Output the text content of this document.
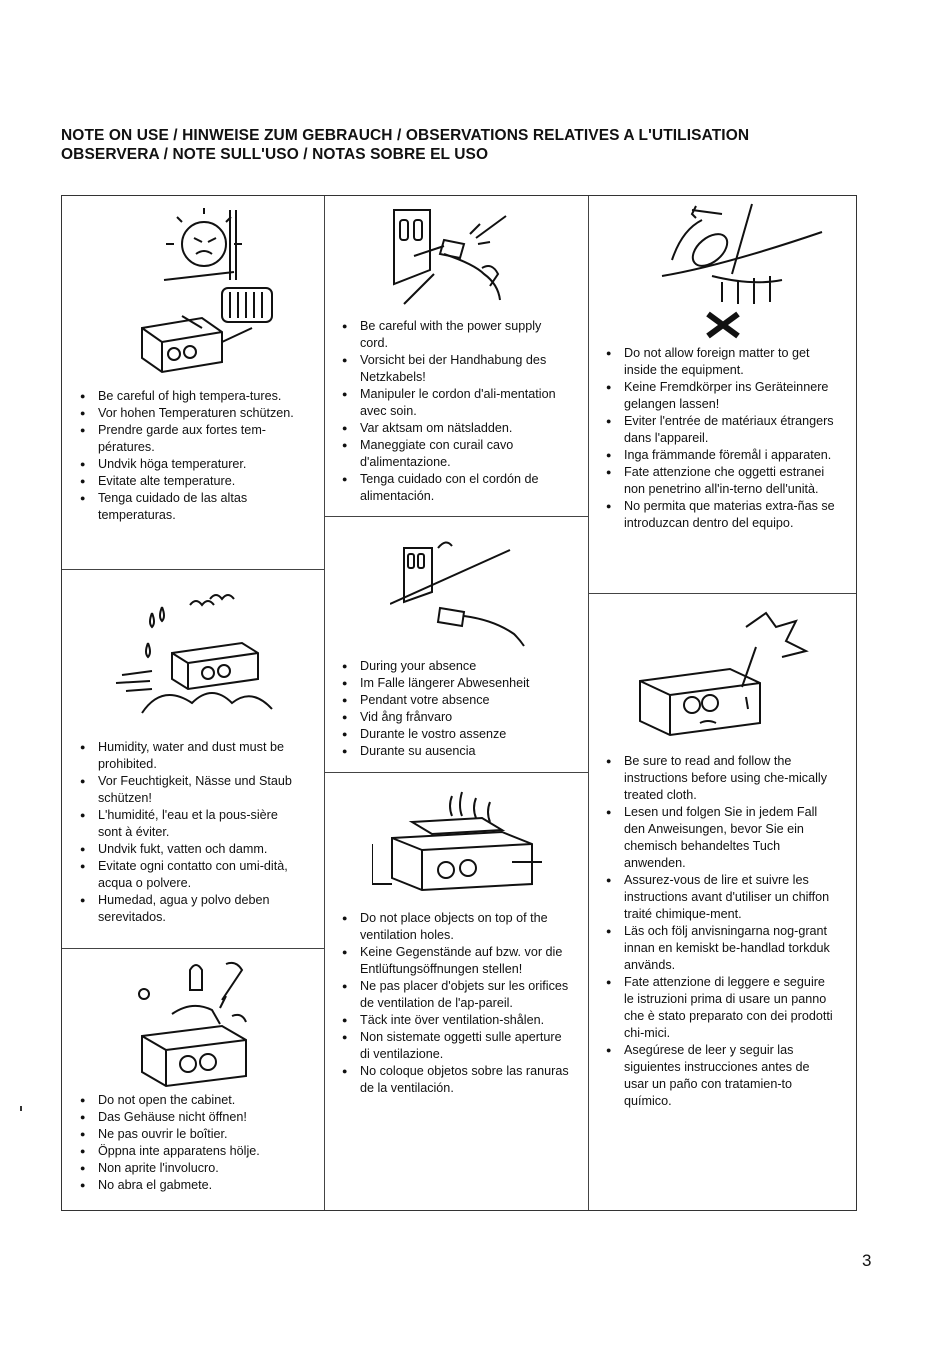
NOTE ON USE / HINWEISE ZUM GEBRAUCH / OBSERVATIONS RELATIVES A L'UTILISATION
OBSERVERA / NOTE SULL'USO / NOTAS SOBRE EL USO
● Be careful of high tempera-tures.
● Vor hohen Temperaturen schützen.
● Prendre garde aux fortes tem-pératures.
● Undvik höga temperaturer.
● Evitate alte temperature.
● Tenga cuidado de las altas temperaturas.
● Humidity, water and dust must be prohibited.
● Vor Feuchtigkeit, Nässe und Staub schützen!
● L'humidité, l'eau et la pous-sière sont à éviter.
● Undvik fukt, vatten och damm.
● Evitate ogni contatto con umi-dità, acqua o polvere.
● Humedad, agua y polvo deben serevitados.
● Do not open the cabinet.
● Das Gehäuse nicht öffnen!
● Ne pas ouvrir le boîtier.
● Öppna inte apparatens hölje.
● Non aprite l'involucro.
● No abra el gabmete.
● Be careful with the power supply cord.
● Vorsicht bei der Handhabung des Netzkabels!
● Manipuler le cordon d'ali-mentation avec soin.
● Var aktsam om nätsladden.
● Maneggiate con curail cavo d'alimentazione.
● Tenga cuidado con el cordón de alimentación.
● During your absence
● Im Falle längerer Abwesenheit
● Pendant votre absence
● Vid ång frånvaro
● Durante le vostro assenze
● Durante su ausencia
● Do not place objects on top of the ventilation holes.
● Keine Gegenstände auf bzw. vor die Entlüftungsöffnungen stellen!
● Ne pas placer d'objets sur les orifices de ventilation de l'ap-pareil.
● Täck inte över ventilation-shålen.
● Non sistemate oggetti sulle aperture di ventilazione.
● No coloque objetos sobre las ranuras de la ventilación.
● Do not allow foreign matter to get inside the equipment.
● Keine Fremdkörper ins Geräteinnere gelangen lassen!
● Eviter l'entrée de matériaux étrangers dans l'appareil.
● Inga främmande föremål i apparaten.
● Fate attenzione che oggetti estranei non penetrino all'in-terno dell'unità.
● No permita que materias extra-ñas se introduzcan dentro del equipo.
● Be sure to read and follow the instructions before using che-mically treated cloth.
● Lesen und folgen Sie in jedem Fall den Anweisungen, bevor Sie ein chemisch behandeltes Tuch anwenden.
● Assurez-vous de lire et suivre les instructions avant d'utiliser un chiffon traité chimique-ment.
● Läs och följ anvisningarna nog-grant innan en kemiskt be-handlad torkduk används.
● Fate attenzione di leggere e seguire le istruzioni prima di usare un panno che è stato preparato con dei prodotti chi-mici.
● Asegúrese de leer y seguir las siguientes instrucciones antes de usar un paño con tratamien-to químico.
3
